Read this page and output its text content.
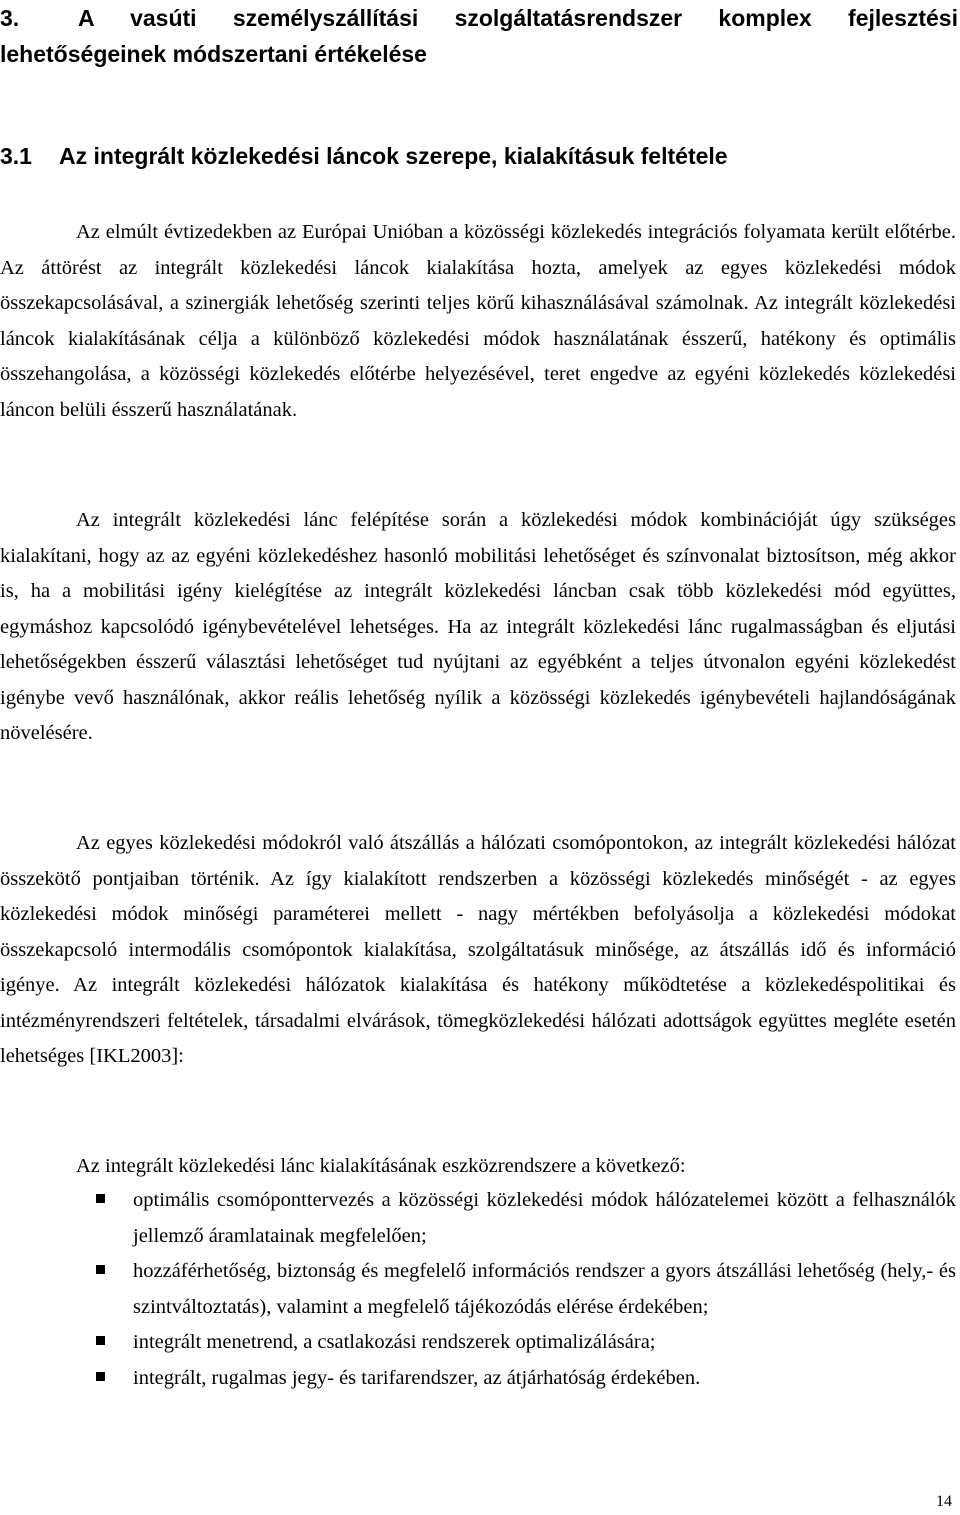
3.	A vasúti személyszállítási szolgáltatásrendszer komplex fejlesztési lehetőségeinek módszertani értékelése
3.1 Az integrált közlekedési láncok szerepe, kialakításuk feltétele

Az elmúlt évtizedekben az Európai Unióban a közösségi közlekedés integrációs folyamata került előtérbe. Az áttörést az integrált közlekedési láncok kialakítása hozta, amelyek az egyes közlekedési módok összekapcsolásával, a szinergiák lehetőség szerinti teljes körű kihasználásával számolnak. Az integrált közlekedési láncok kialakításának célja a különböző közlekedési módok használatának ésszerű, hatékony és optimális összehangolása, a közösségi közlekedés előtérbe helyezésével, teret engedve az egyéni közlekedés közlekedési láncon belüli ésszerű használatának.

Az integrált közlekedési lánc felépítése során a közlekedési módok kombinációját úgy szükséges kialakítani, hogy az az egyéni közlekedéshez hasonló mobilitási lehetőséget és színvonalat biztosítson, még akkor is, ha a mobilitási igény kielégítése az integrált közlekedési láncban csak több közlekedési mód együttes, egymáshoz kapcsolódó igénybevételével lehetséges. Ha az integrált közlekedési lánc rugalmasságban és eljutási lehetőségekben ésszerű választási lehetőséget tud nyújtani az egyébként a teljes útvonalon egyéni közlekedést igénybe vevő használónak, akkor reális lehetőség nyílik a közösségi közlekedés igénybevételi hajlandóságának növelésére.

Az egyes közlekedési módokról való átszállás a hálózati csomópontokon, az integrált közlekedési hálózat összekötő pontjaiban történik. Az így kialakított rendszerben a közösségi közlekedés minőségét - az egyes közlekedési módok minőségi paraméterei mellett - nagy mértékben befolyásolja a közlekedési módokat összekapcsoló intermodális csomópontok kialakítása, szolgáltatásuk minősége, az átszállás idő és információ igénye. Az integrált közlekedési hálózatok kialakítása és hatékony működtetése a közlekedéspolitikai és intézményrendszeri feltételek, társadalmi elvárások, tömegközlekedési hálózati adottságok együttes megléte esetén lehetséges [IKL2003]:

Az integrált közlekedési lánc kialakításának eszközrendszere a következő:

optimális csomóponttervezés a közösségi közlekedési módok hálózatelemei között a felhasználók jellemző áramlatainak megfelelően;
hozzáférhetőség, biztonság és megfelelő információs rendszer a gyors átszállási lehetőség (hely,- és szintváltoztatás), valamint a megfelelő tájékozódás elérése érdekében;
integrált menetrend, a csatlakozási rendszerek optimalizálására;
integrált, rugalmas jegy- és tarifarendszer, az átjárhatóság érdekében.
14
